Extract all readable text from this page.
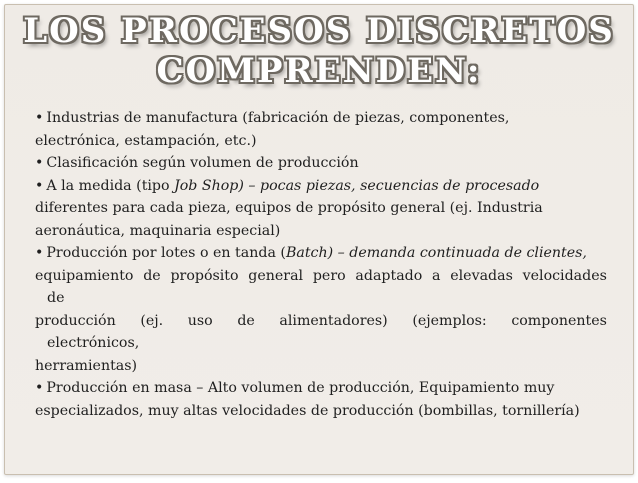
LOS PROCESOS DISCRETOS
COMPRENDEN:
• Industrias de manufactura (fabricación de piezas, componentes,
electrónica, estampación, etc.)
• Clasificación según volumen de producción
• A la medida (tipo Job Shop) – pocas piezas, secuencias de procesado
diferentes para cada pieza, equipos de propósito general (ej. Industria
aeronáutica, maquinaria especial)
• Producción por lotes o en tanda (Batch) – demanda continuada de clientes,
equipamiento de propósito general pero adaptado a elevadas velocidades
de
producción (ej. uso de alimentadores) (ejemplos: componentes
electrónicos,
herramientas)
• Producción en masa – Alto volumen de producción, Equipamiento muy
especializados, muy altas velocidades de producción (bombillas, tornillería)
